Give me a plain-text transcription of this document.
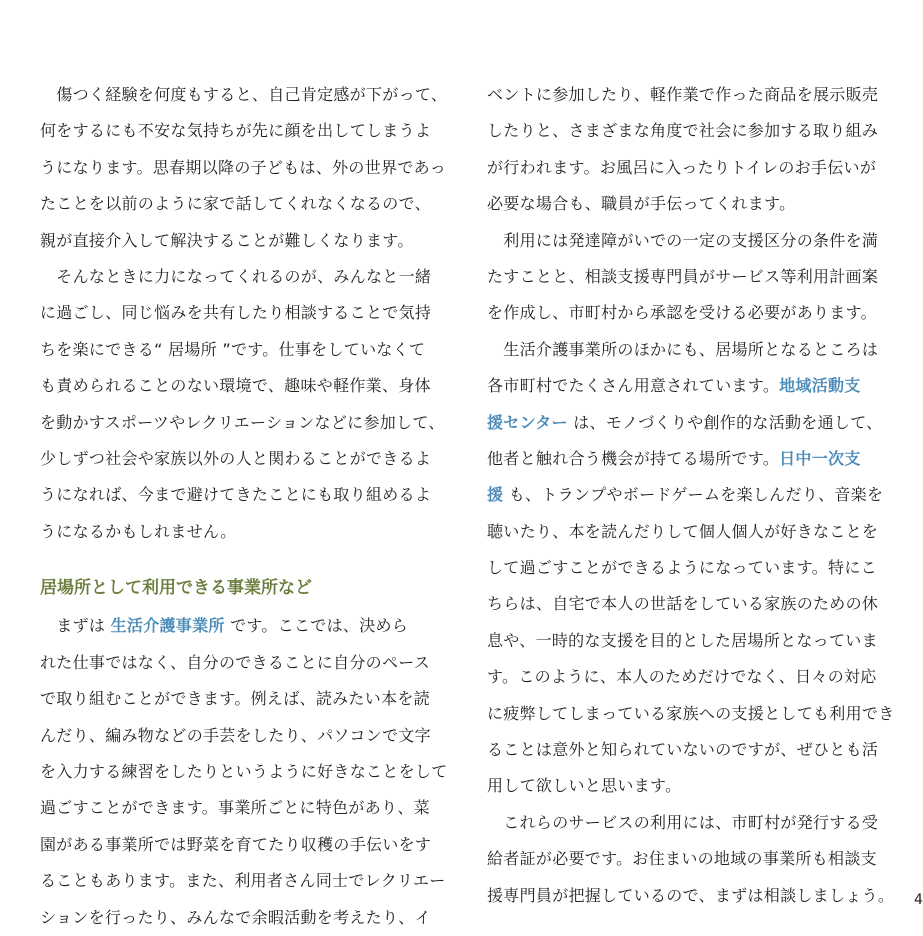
　傷つく経験を何度もすると、自己肯定感が下がって、
何をするにも不安な気持ちが先に顔を出してしまうよ
うになります。思春期以降の子どもは、外の世界であっ
たことを以前のように家で話してくれなくなるので、
親が直接介入して解決することが難しくなります。
　そんなときに力になってくれるのが、みんなと一緒
に過ごし、同じ悩みを共有したり相談することで気持
ちを楽にできる“ 居場所 ”です。仕事をしていなくて
も責められることのない環境で、趣味や軽作業、身体
を動かすスポーツやレクリエーションなどに参加して、
少しずつ社会や家族以外の人と関わることができるよ
うになれば、今まで避けてきたことにも取り組めるよ
うになるかもしれません。
居場所として利用できる事業所など
　まずは 生活介護事業所 です。ここでは、決めら
れた仕事ではなく、自分のできることに自分のペース
で取り組むことができます。例えば、読みたい本を読
んだり、編み物などの手芸をしたり、パソコンで文字
を入力する練習をしたりというように好きなことをして
過ごすことができます。事業所ごとに特色があり、菜
園がある事業所では野菜を育てたり収穫の手伝いをす
ることもあります。また、利用者さん同士でレクリエー
ションを行ったり、みんなで余暇活動を考えたり、イ
ベントに参加したり、軽作業で作った商品を展示販売
したりと、さまざまな角度で社会に参加する取り組み
が行われます。お風呂に入ったりトイレのお手伝いが
必要な場合も、職員が手伝ってくれます。
　利用には発達障がいでの一定の支援区分の条件を満
たすことと、相談支援専門員がサービス等利用計画案
を作成し、市町村から承認を受ける必要があります。
　生活介護事業所のほかにも、居場所となるところは
各市町村でたくさん用意されています。地域活動支
援センター は、モノづくりや創作的な活動を通して、
他者と触れ合う機会が持てる場所です。日中一次支
援 も、トランプやボードゲームを楽しんだり、音楽を
聴いたり、本を読んだりして個人個人が好きなことを
して過ごすことができるようになっています。特にこ
ちらは、自宅で本人の世話をしている家族のための休
息や、一時的な支援を目的とした居場所となっていま
す。このように、本人のためだけでなく、日々の対応
に疲弊してしまっている家族への支援としても利用でき
ることは意外と知られていないのですが、ぜひとも活
用して欲しいと思います。
　これらのサービスの利用には、市町村が発行する受
給者証が必要です。お住まいの地域の事業所も相談支
援専門員が把握しているので、まずは相談しましょう。 4
